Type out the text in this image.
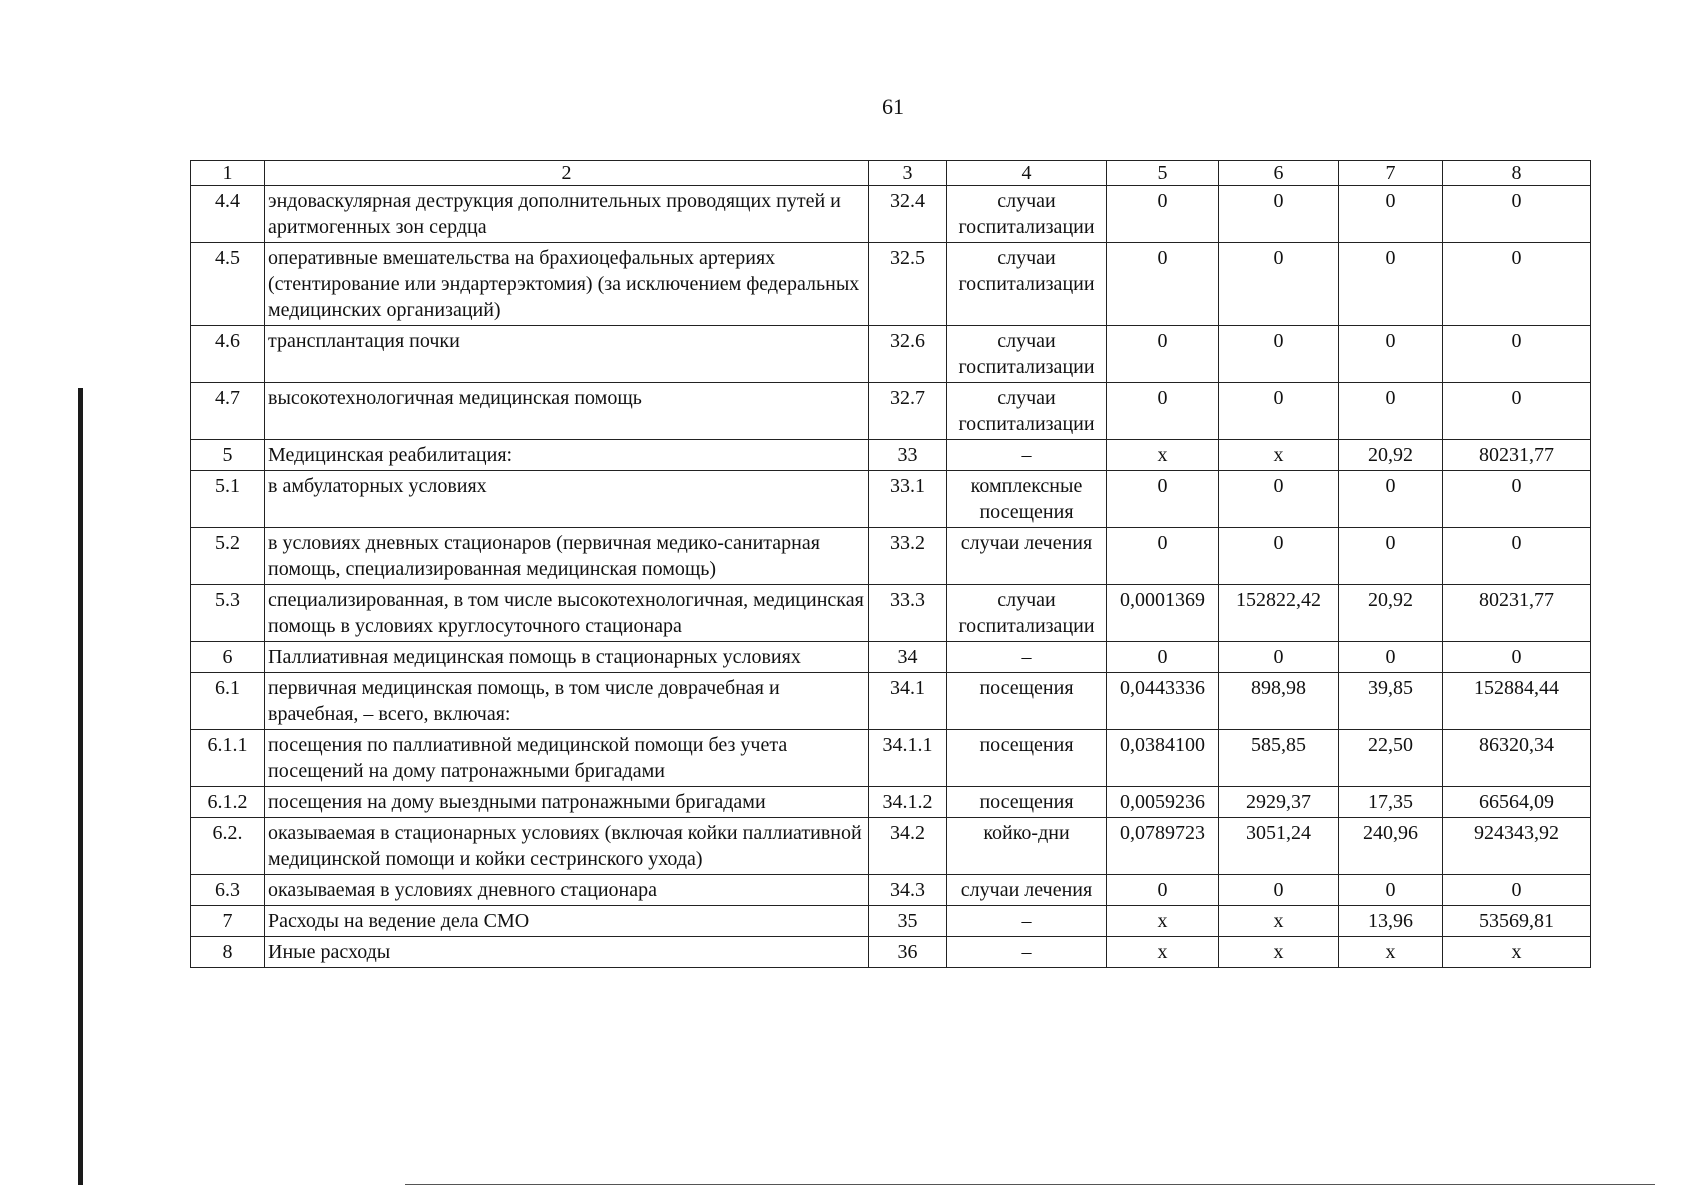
61
1	2	3	4	5	6	7	8
4.4	эндоваскулярная деструкция дополнительных проводящих путей и аритмогенных зон сердца	32.4	случаи госпитализации	0	0	0	0
4.5	оперативные вмешательства на брахиоцефальных артериях (стентирование или эндартерэктомия) (за исключением федеральных медицинских организаций)	32.5	случаи госпитализации	0	0	0	0
4.6	трансплантация почки	32.6	случаи госпитализации	0	0	0	0
4.7	высокотехнологичная медицинская помощь	32.7	случаи госпитализации	0	0	0	0
5	Медицинская реабилитация:	33	–	х	х	20,92	80231,77
5.1	в амбулаторных условиях	33.1	комплексные посещения	0	0	0	0
5.2	в условиях дневных стационаров (первичная медико-санитарная помощь, специализированная медицинская помощь)	33.2	случаи лечения	0	0	0	0
5.3	специализированная, в том числе высокотехнологичная, медицинская помощь в условиях круглосуточного стационара	33.3	случаи госпитализации	0,0001369	152822,42	20,92	80231,77
6	Паллиативная медицинская помощь в стационарных условиях	34	–	0	0	0	0
6.1	первичная медицинская помощь, в том числе доврачебная и врачебная, – всего, включая:	34.1	посещения	0,0443336	898,98	39,85	152884,44
6.1.1	посещения по паллиативной медицинской помощи без учета посещений на дому патронажными бригадами	34.1.1	посещения	0,0384100	585,85	22,50	86320,34
6.1.2	посещения на дому выездными патронажными бригадами	34.1.2	посещения	0,0059236	2929,37	17,35	66564,09
6.2.	оказываемая в стационарных условиях (включая койки паллиативной медицинской помощи и койки сестринского ухода)	34.2	койко-дни	0,0789723	3051,24	240,96	924343,92
6.3	оказываемая в условиях дневного стационара	34.3	случаи лечения	0	0	0	0
7	Расходы на ведение дела СМО	35	–	х	х	13,96	53569,81
8	Иные расходы	36	–	х	х	х	х
